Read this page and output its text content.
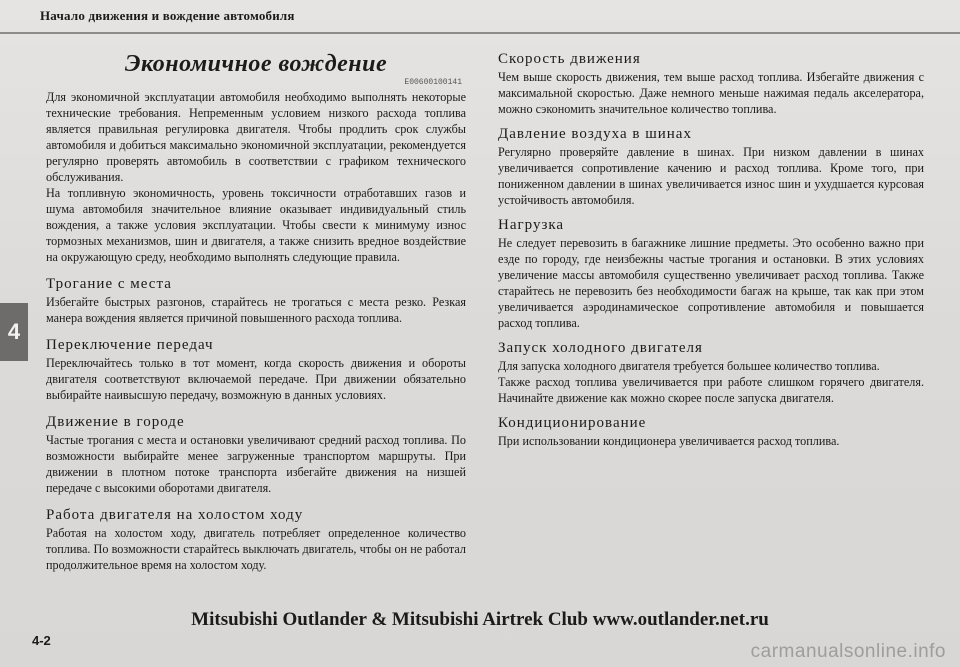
Начало движения и вождение автомобиля
4
Экономичное вождение
E00600100141

Для экономичной эксплуатации автомобиля необходимо выполнять некоторые технические требования. Непременным условием низкого расхода топлива является правильная регулировка двигателя. Чтобы продлить срок службы автомобиля и добиться максимально экономичной эксплуатации, рекомендуется регулярно проверять автомобиль в соответствии с графиком технического обслуживания.

На топливную экономичность, уровень токсичности отработавших газов и шума автомобиля значительное влияние оказывает индивидуальный стиль вождения, а также условия эксплуатации. Чтобы свести к минимуму износ тормозных механизмов, шин и двигателя, а также снизить вредное воздействие на окружающую среду, необходимо выполнять следующие правила.

Трогание с места

Избегайте быстрых разгонов, старайтесь не трогаться с места резко. Резкая манера вождения является причиной повышенного расхода топлива.

Переключение передач

Переключайтесь только в тот момент, когда скорость движения и обороты двигателя соответствуют включаемой передаче. При движении обязательно выбирайте наивысшую передачу, возможную в данных условиях.

Движение в городе

Частые трогания с места и остановки увеличивают средний расход топлива. По возможности выбирайте менее загруженные транспортом маршруты. При движении в плотном потоке транспорта избегайте движения на низшей передаче с высокими оборотами двигателя.

Работа двигателя на холостом ходу

Работая на холостом ходу, двигатель потребляет определенное количество топлива. По возможности старайтесь выключать двигатель, чтобы он не работал продолжительное время на холостом ходу.

Скорость движения

Чем выше скорость движения, тем выше расход топлива. Избегайте движения с максимальной скоростью. Даже немного меньше нажимая педаль акселератора, можно сэкономить значительное количество топлива.

Давление воздуха в шинах

Регулярно проверяйте давление в шинах. При низком давлении в шинах увеличивается сопротивление качению и расход топлива. Кроме того, при пониженном давлении в шинах увеличивается износ шин и ухудшается курсовая устойчивость автомобиля.

Нагрузка

Не следует перевозить в багажнике лишние предметы. Это особенно важно при езде по городу, где неизбежны частые трогания и остановки. В этих условиях увеличение массы автомобиля существенно увеличивает расход топлива. Также старайтесь не перевозить без необходимости багаж на крыше, так как при этом увеличивается аэродинамическое сопротивление автомобиля и повышается расход топлива.

Запуск холодного двигателя

Для запуска холодного двигателя требуется большее количество топлива.

Также расход топлива увеличивается при работе слишком горячего двигателя. Начинайте движение как можно скорее после запуска двигателя.

Кондиционирование

При использовании кондиционера увеличивается расход топлива.

Mitsubishi Outlander & Mitsubishi Airtrek Club www.outlander.net.ru
4-2
carmanualsonline.info
